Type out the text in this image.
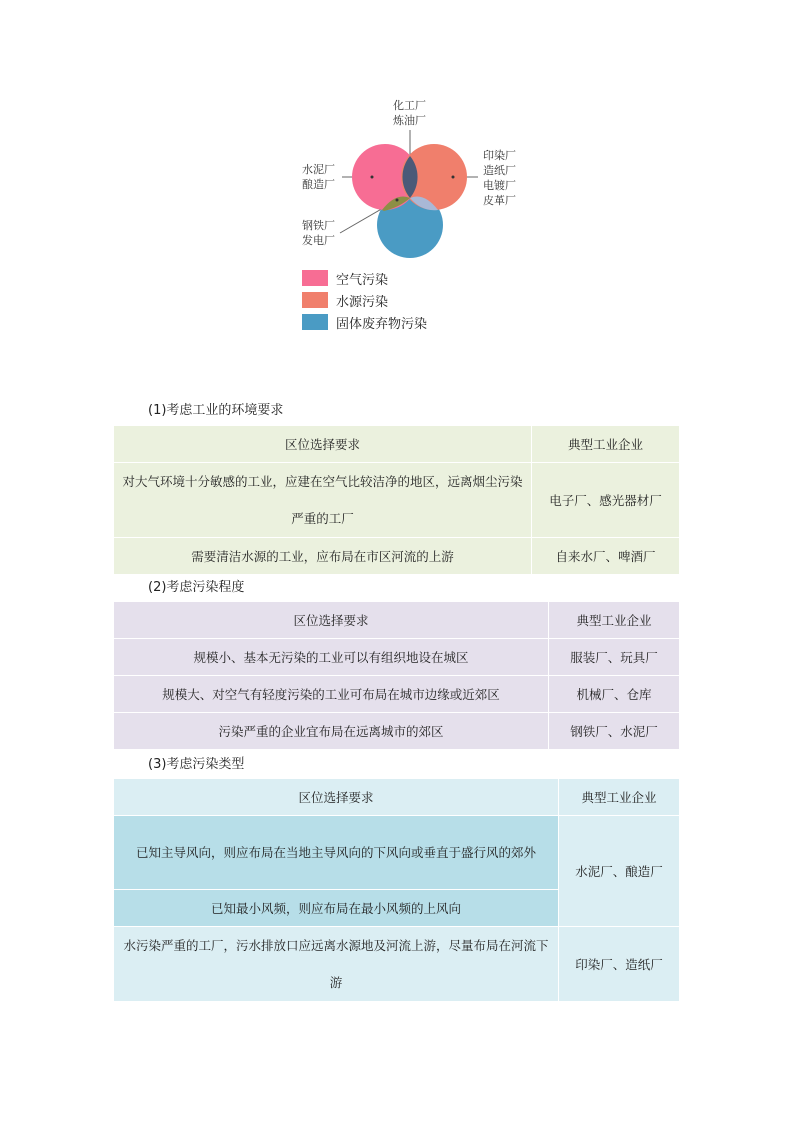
化工厂
炼油厂
水泥厂
酿造厂
钢铁厂
发电厂
印染厂
造纸厂
电镀厂
皮革厂
空气污染
水源污染
固体废弃物污染
(1)考虑工业的环境要求
区位选择要求	典型工业企业
对大气环境十分敏感的工业，应建在空气比较洁净的地区，远离烟尘污染严重的工厂	电子厂、感光器材厂
需要清洁水源的工业，应布局在市区河流的上游	自来水厂、啤酒厂
(2)考虑污染程度
区位选择要求	典型工业企业
规模小、基本无污染的工业可以有组织地设在城区	服装厂、玩具厂
规模大、对空气有轻度污染的工业可布局在城市边缘或近郊区	机械厂、仓库
污染严重的企业宜布局在远离城市的郊区	钢铁厂、水泥厂
(3)考虑污染类型
区位选择要求	典型工业企业
已知主导风向，则应布局在当地主导风向的下风向或垂直于盛行风的郊外	水泥厂、酿造厂
已知最小风频，则应布局在最小风频的上风向	
水污染严重的工厂，污水排放口应远离水源地及河流上游，尽量布局在河流下游	印染厂、造纸厂
